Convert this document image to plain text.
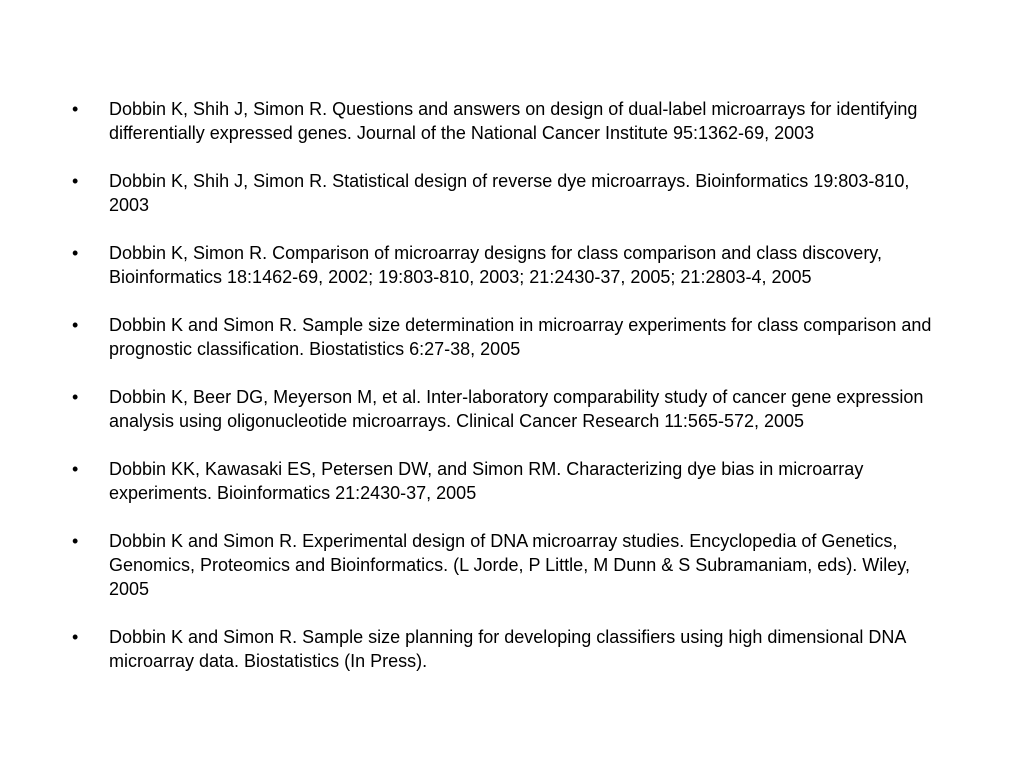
•	Dobbin K, Shih J, Simon R. Questions and answers on design of dual-label microarrays for identifying differentially expressed genes. Journal of the National Cancer Institute 95:1362-69, 2003
•	Dobbin K, Shih J, Simon R. Statistical design of reverse dye microarrays. Bioinformatics 19:803-810, 2003
•	Dobbin K, Simon R. Comparison of microarray designs for class comparison and class discovery, Bioinformatics 18:1462-69, 2002; 19:803-810, 2003; 21:2430-37, 2005; 21:2803-4, 2005
•	Dobbin K and Simon R. Sample size determination in microarray experiments for class comparison and prognostic classification. Biostatistics 6:27-38, 2005
•	Dobbin K, Beer DG, Meyerson M, et al. Inter-laboratory comparability study of cancer gene expression analysis using oligonucleotide microarrays. Clinical Cancer Research 11:565-572, 2005
•	Dobbin KK, Kawasaki ES, Petersen DW, and Simon RM. Characterizing dye bias in microarray experiments. Bioinformatics 21:2430-37, 2005
•	Dobbin K and Simon R. Experimental design of DNA microarray studies. Encyclopedia of Genetics, Genomics, Proteomics and Bioinformatics. (L Jorde, P Little, M Dunn & S Subramaniam, eds). Wiley, 2005
•	Dobbin K and Simon R. Sample size planning for developing classifiers using high dimensional DNA microarray data. Biostatistics (In Press).
